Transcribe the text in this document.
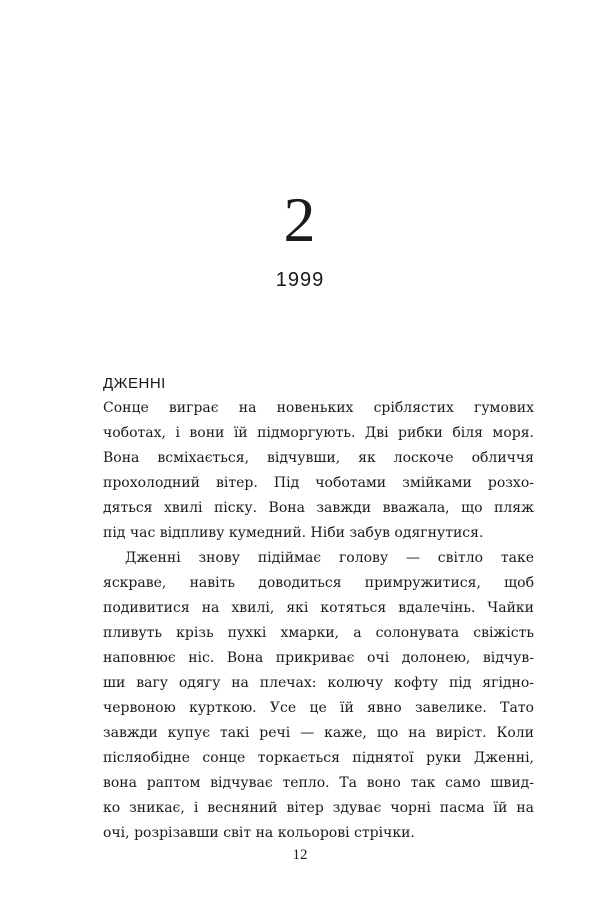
2
1999
ДЖЕННІ
Сонце виграє на новеньких сріблястих гумових
чоботах, і вони їй підморгують. Дві рибки біля моря.
Вона всміхається, відчувши, як лоскоче обличчя
прохолодний вітер. Під чоботами змійками розхо-
дяться хвилі піску. Вона завжди вважала, що пляж
під час відпливу кумедний. Ніби забув одягнутися.
Дженні знову підіймає голову — світло таке
яскраве, навіть доводиться примружитися, щоб
подивитися на хвилі, які котяться вдалечінь. Чайки
пливуть крізь пухкі хмарки, а солонувата свіжість
наповнює ніс. Вона прикриває очі долонею, відчув-
ши вагу одягу на плечах: колючу кофту під ягідно-
червоною курткою. Усе це їй явно завелике. Тато
завжди купує такі речі — каже, що на виріст. Коли
післяобідне сонце торкається піднятої руки Дженні,
вона раптом відчуває тепло. Та воно так само швид-
ко зникає, і весняний вітер здуває чорні пасма їй на
очі, розрізавши світ на кольорові стрічки.
12
